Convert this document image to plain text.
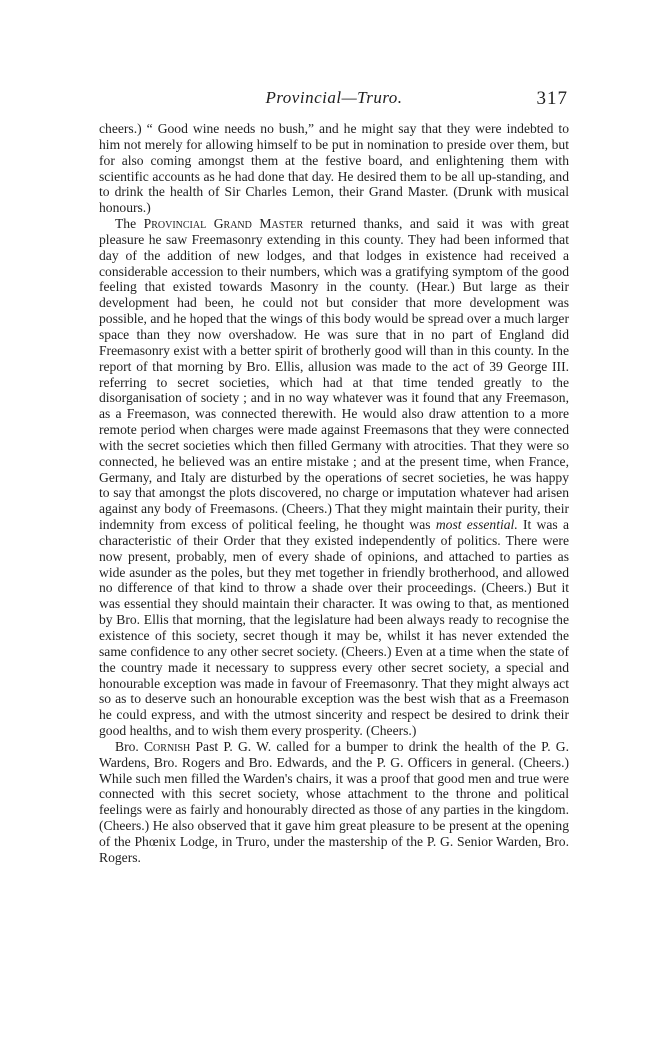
Provincial—Truro.	317

cheers.) “ Good wine needs no bush,” and he might say that they were indebted to him not merely for allowing himself to be put in nomination to preside over them, but for also coming amongst them at the festive board, and enlightening them with scientific accounts as he had done that day. He desired them to be all up-standing, and to drink the health of Sir Charles Lemon, their Grand Master. (Drunk with musical honours.)

The Provincial Grand Master returned thanks, and said it was with great pleasure he saw Freemasonry extending in this county. They had been informed that day of the addition of new lodges, and that lodges in existence had received a considerable accession to their numbers, which was a gratifying symptom of the good feeling that existed towards Masonry in the county. (Hear.) But large as their development had been, he could not but consider that more development was possible, and he hoped that the wings of this body would be spread over a much larger space than they now overshadow. He was sure that in no part of England did Freemasonry exist with a better spirit of brotherly good will than in this county. In the report of that morning by Bro. Ellis, allusion was made to the act of 39 George III. referring to secret societies, which had at that time tended greatly to the disorganisation of society ; and in no way whatever was it found that any Freemason, as a Freemason, was connected therewith. He would also draw attention to a more remote period when charges were made against Freemasons that they were connected with the secret societies which then filled Germany with atrocities. That they were so connected, he believed was an entire mistake ; and at the present time, when France, Germany, and Italy are disturbed by the operations of secret societies, he was happy to say that amongst the plots discovered, no charge or imputation whatever had arisen against any body of Freemasons. (Cheers.) That they might maintain their purity, their indemnity from excess of political feeling, he thought was most essential. It was a characteristic of their Order that they existed independently of politics. There were now present, probably, men of every shade of opinions, and attached to parties as wide asunder as the poles, but they met together in friendly brotherhood, and allowed no difference of that kind to throw a shade over their proceedings. (Cheers.) But it was essential they should maintain their character. It was owing to that, as mentioned by Bro. Ellis that morning, that the legislature had been always ready to recognise the existence of this society, secret though it may be, whilst it has never extended the same confidence to any other secret society. (Cheers.) Even at a time when the state of the country made it necessary to suppress every other secret society, a special and honourable exception was made in favour of Freemasonry. That they might always act so as to deserve such an honourable exception was the best wish that as a Freemason he could express, and with the utmost sincerity and respect be desired to drink their good healths, and to wish them every prosperity. (Cheers.)

Bro. Cornish Past P. G. W. called for a bumper to drink the health of the P. G. Wardens, Bro. Rogers and Bro. Edwards, and the P. G. Officers in general. (Cheers.) While such men filled the Warden's chairs, it was a proof that good men and true were connected with this secret society, whose attachment to the throne and political feelings were as fairly and honourably directed as those of any parties in the kingdom. (Cheers.) He also observed that it gave him great pleasure to be present at the opening of the Phœnix Lodge, in Truro, under the mastership of the P. G. Senior Warden, Bro. Rogers.
